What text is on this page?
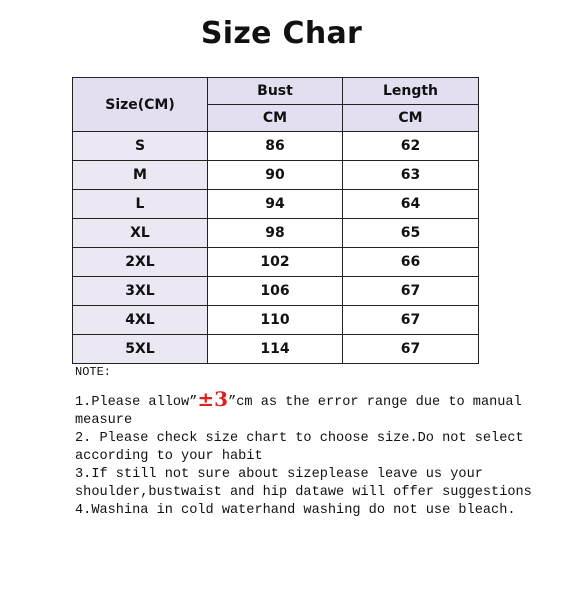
Size Char
Size(CM)	Bust	Length
	CM	CM
S	86	62
M	90	63
L	94	64
XL	98	65
2XL	102	66
3XL	106	67
4XL	110	67
5XL	114	67

NOTE:

1.Please allow”±3”cm as the error range due to manual measure

2. Please check size chart to choose size.Do not select according to your habit

3.If still not sure about sizeplease leave us your shoulder,bustwaist and hip datawe will offer suggestions

4.Washina in cold waterhand washing do not use bleach.
